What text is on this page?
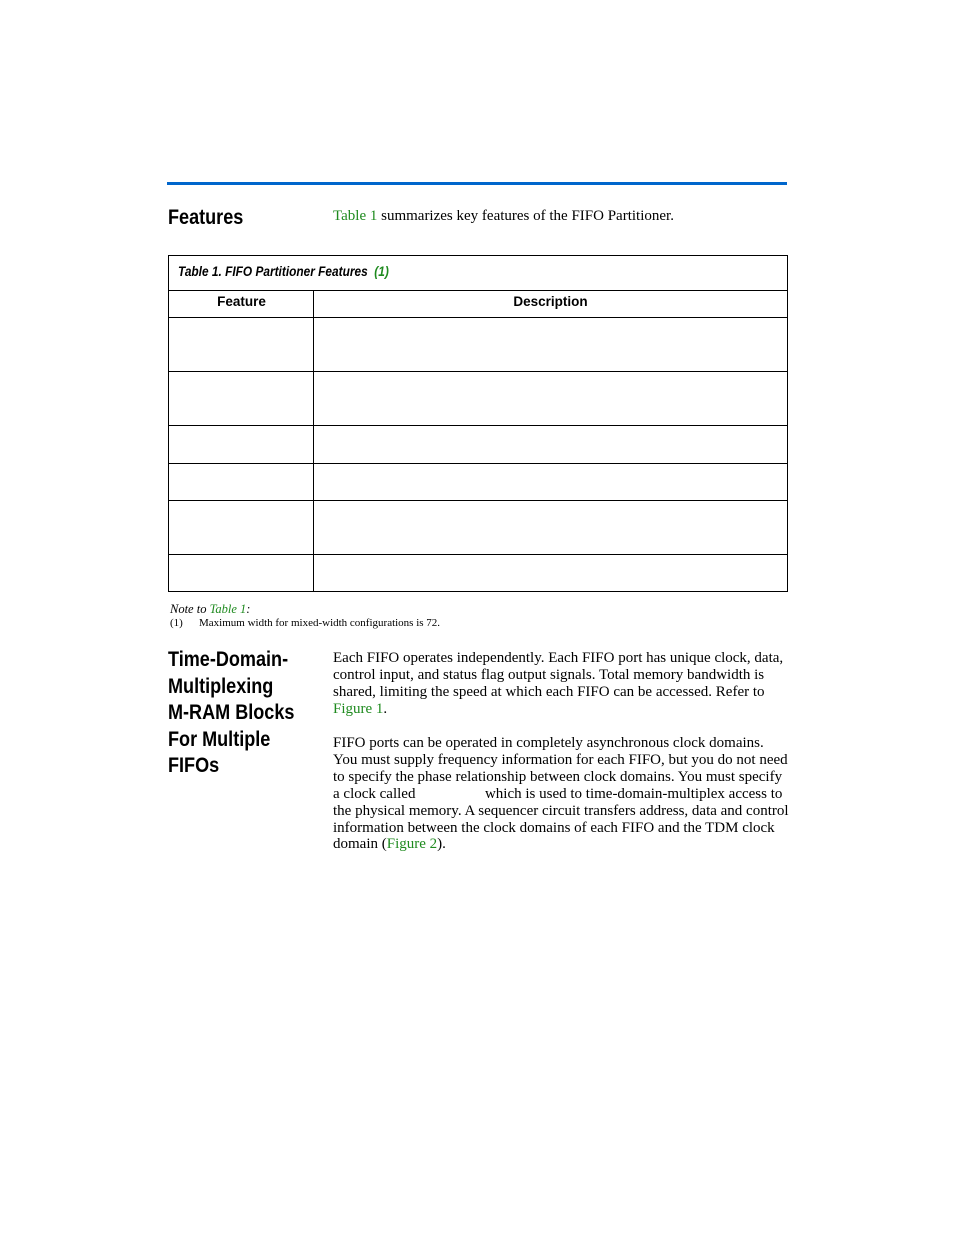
Features	Table 1 summarizes key features of the FIFO Partitioner.
Table 1. FIFO Partitioner Features (1)
Feature	Description
Note to Table 1:
(1) Maximum width for mixed-width configurations is 72.
Time-Domain-
Multiplexing
M-RAM Blocks
For Multiple
FIFOs
Each FIFO operates independently. Each FIFO port has unique clock, data, control input, and status flag output signals. Total memory bandwidth is shared, limiting the speed at which each FIFO can be accessed. Refer to Figure 1.
FIFO ports can be operated in completely asynchronous clock domains. You must supply frequency information for each FIFO, but you do not need to specify the phase relationship between clock domains. You must specify a clock called	which is used to time-domain-multiplex access to the physical memory. A sequencer circuit transfers address, data and control information between the clock domains of each FIFO and the TDM clock domain (Figure 2).
